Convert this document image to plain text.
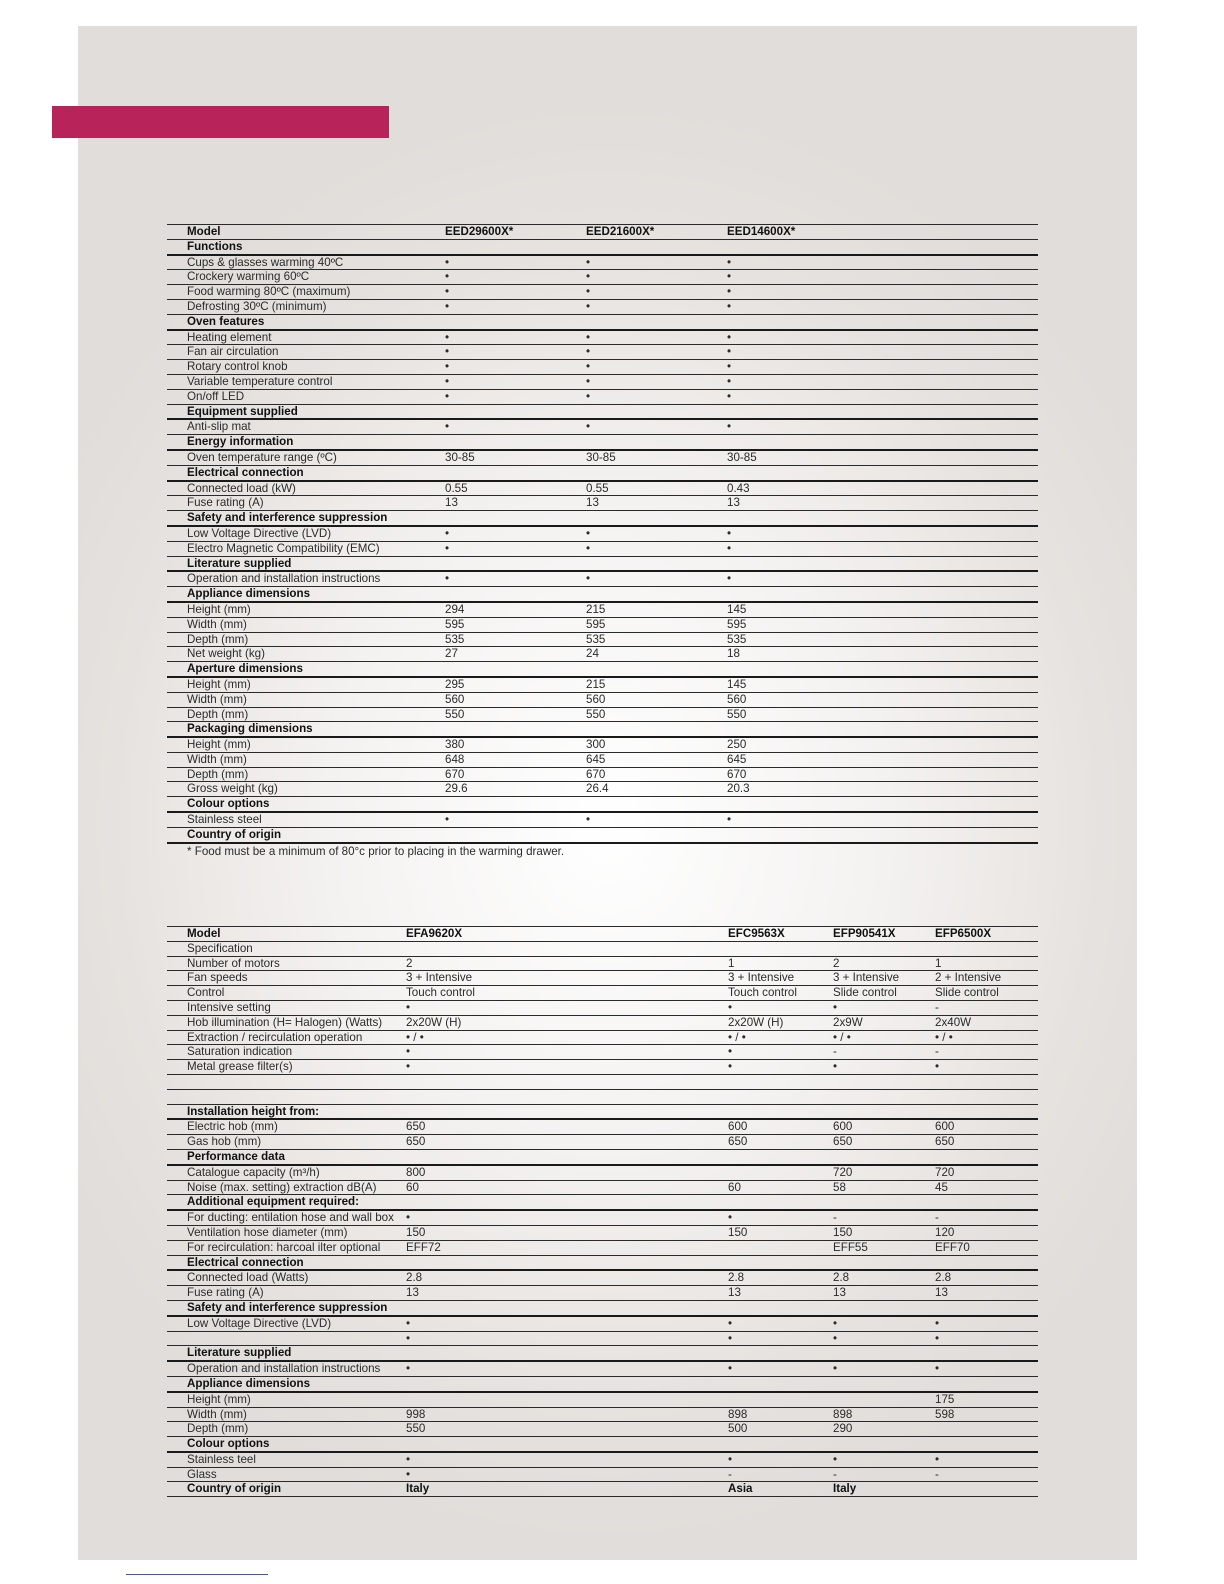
Model	EED29600X*	EED21600X*	EED14600X*	
Functions				
Cups & glasses warming 40ºC	•	•	•	
Crockery warming 60ºC	•	•	•	
Food warming 80ºC (maximum)	•	•	•	
Defrosting 30ºC (minimum)	•	•	•	
Oven features				
Heating element	•	•	•	
Fan air circulation	•	•	•	
Rotary control knob	•	•	•	
Variable temperature control	•	•	•	
On/off LED	•	•	•	
Equipment supplied				
Anti-slip mat	•	•	•	
Energy information				
Oven temperature range (ºC)	30-85	30-85	30-85	
Electrical connection				
Connected load (kW)	0.55	0.55	0.43	
Fuse rating (A)	13	13	13	
Safety and interference suppression				
Low Voltage Directive (LVD)	•	•	•	
Electro Magnetic Compatibility (EMC)	•	•	•	
Literature supplied				
Operation and installation instructions	•	•	•	
Appliance dimensions				
Height (mm)	294	215	145	
Width (mm)	595	595	595	
Depth (mm)	535	535	535	
Net weight (kg)	27	24	18	
Aperture dimensions				
Height (mm)	295	215	145	
Width (mm)	560	560	560	
Depth (mm)	550	550	550	
Packaging dimensions				
Height (mm)	380	300	250	
Width (mm)	648	645	645	
Depth (mm)	670	670	670	
Gross weight (kg)	29.6	26.4	20.3	
Colour options				
Stainless steel	•	•	•	
Country of origin				
* Food must be a minimum of 80°c prior to placing in the warming drawer.
Model	EFA9620X	EFC9563X	EFP90541X	EFP6500X
Specification				
Number of motors	2	1	2	1
Fan speeds	3 + Intensive	3 + Intensive	3 + Intensive	2 + Intensive
Control	Touch control	Touch control	Slide control	Slide control
Intensive setting	•	•	•	-
Hob illumination (H= Halogen) (Watts)	2x20W (H)	2x20W (H)	2x9W	2x40W
Extraction / recirculation operation	• / •	• / •	• / •	• / •
Saturation indication	•	•	-	-
Metal grease filter(s)	•	•	•	•

Installation height from:				
Electric hob (mm)	650	600	600	600
Gas hob (mm)	650	650	650	650
Performance data				
Catalogue capacity (m³/h)	800		720	720
Noise (max. setting) extraction dB(A)	60	60	58	45
Additional equipment required:				
For ducting: entilation hose and wall box	•	•	-	-
Ventilation hose diameter (mm)	150	150	150	120
For recirculation: harcoal ilter optional	EFF72		EFF55	EFF70
Electrical connection				
Connected load (Watts)	2.8	2.8	2.8	2.8
Fuse rating (A)	13	13	13	13
Safety and interference suppression				
Low Voltage Directive (LVD)	•	•	•	•
	•	•	•	•
Literature supplied				
Operation and installation instructions	•	•	•	•
Appliance dimensions				
Height (mm)				175
Width (mm)	998	898	898	598
Depth (mm)	550	500	290	
Colour options				
Stainless teel	•	•	•	•
Glass	•	-	-	-
Country of origin	Italy	Asia	Italy	
